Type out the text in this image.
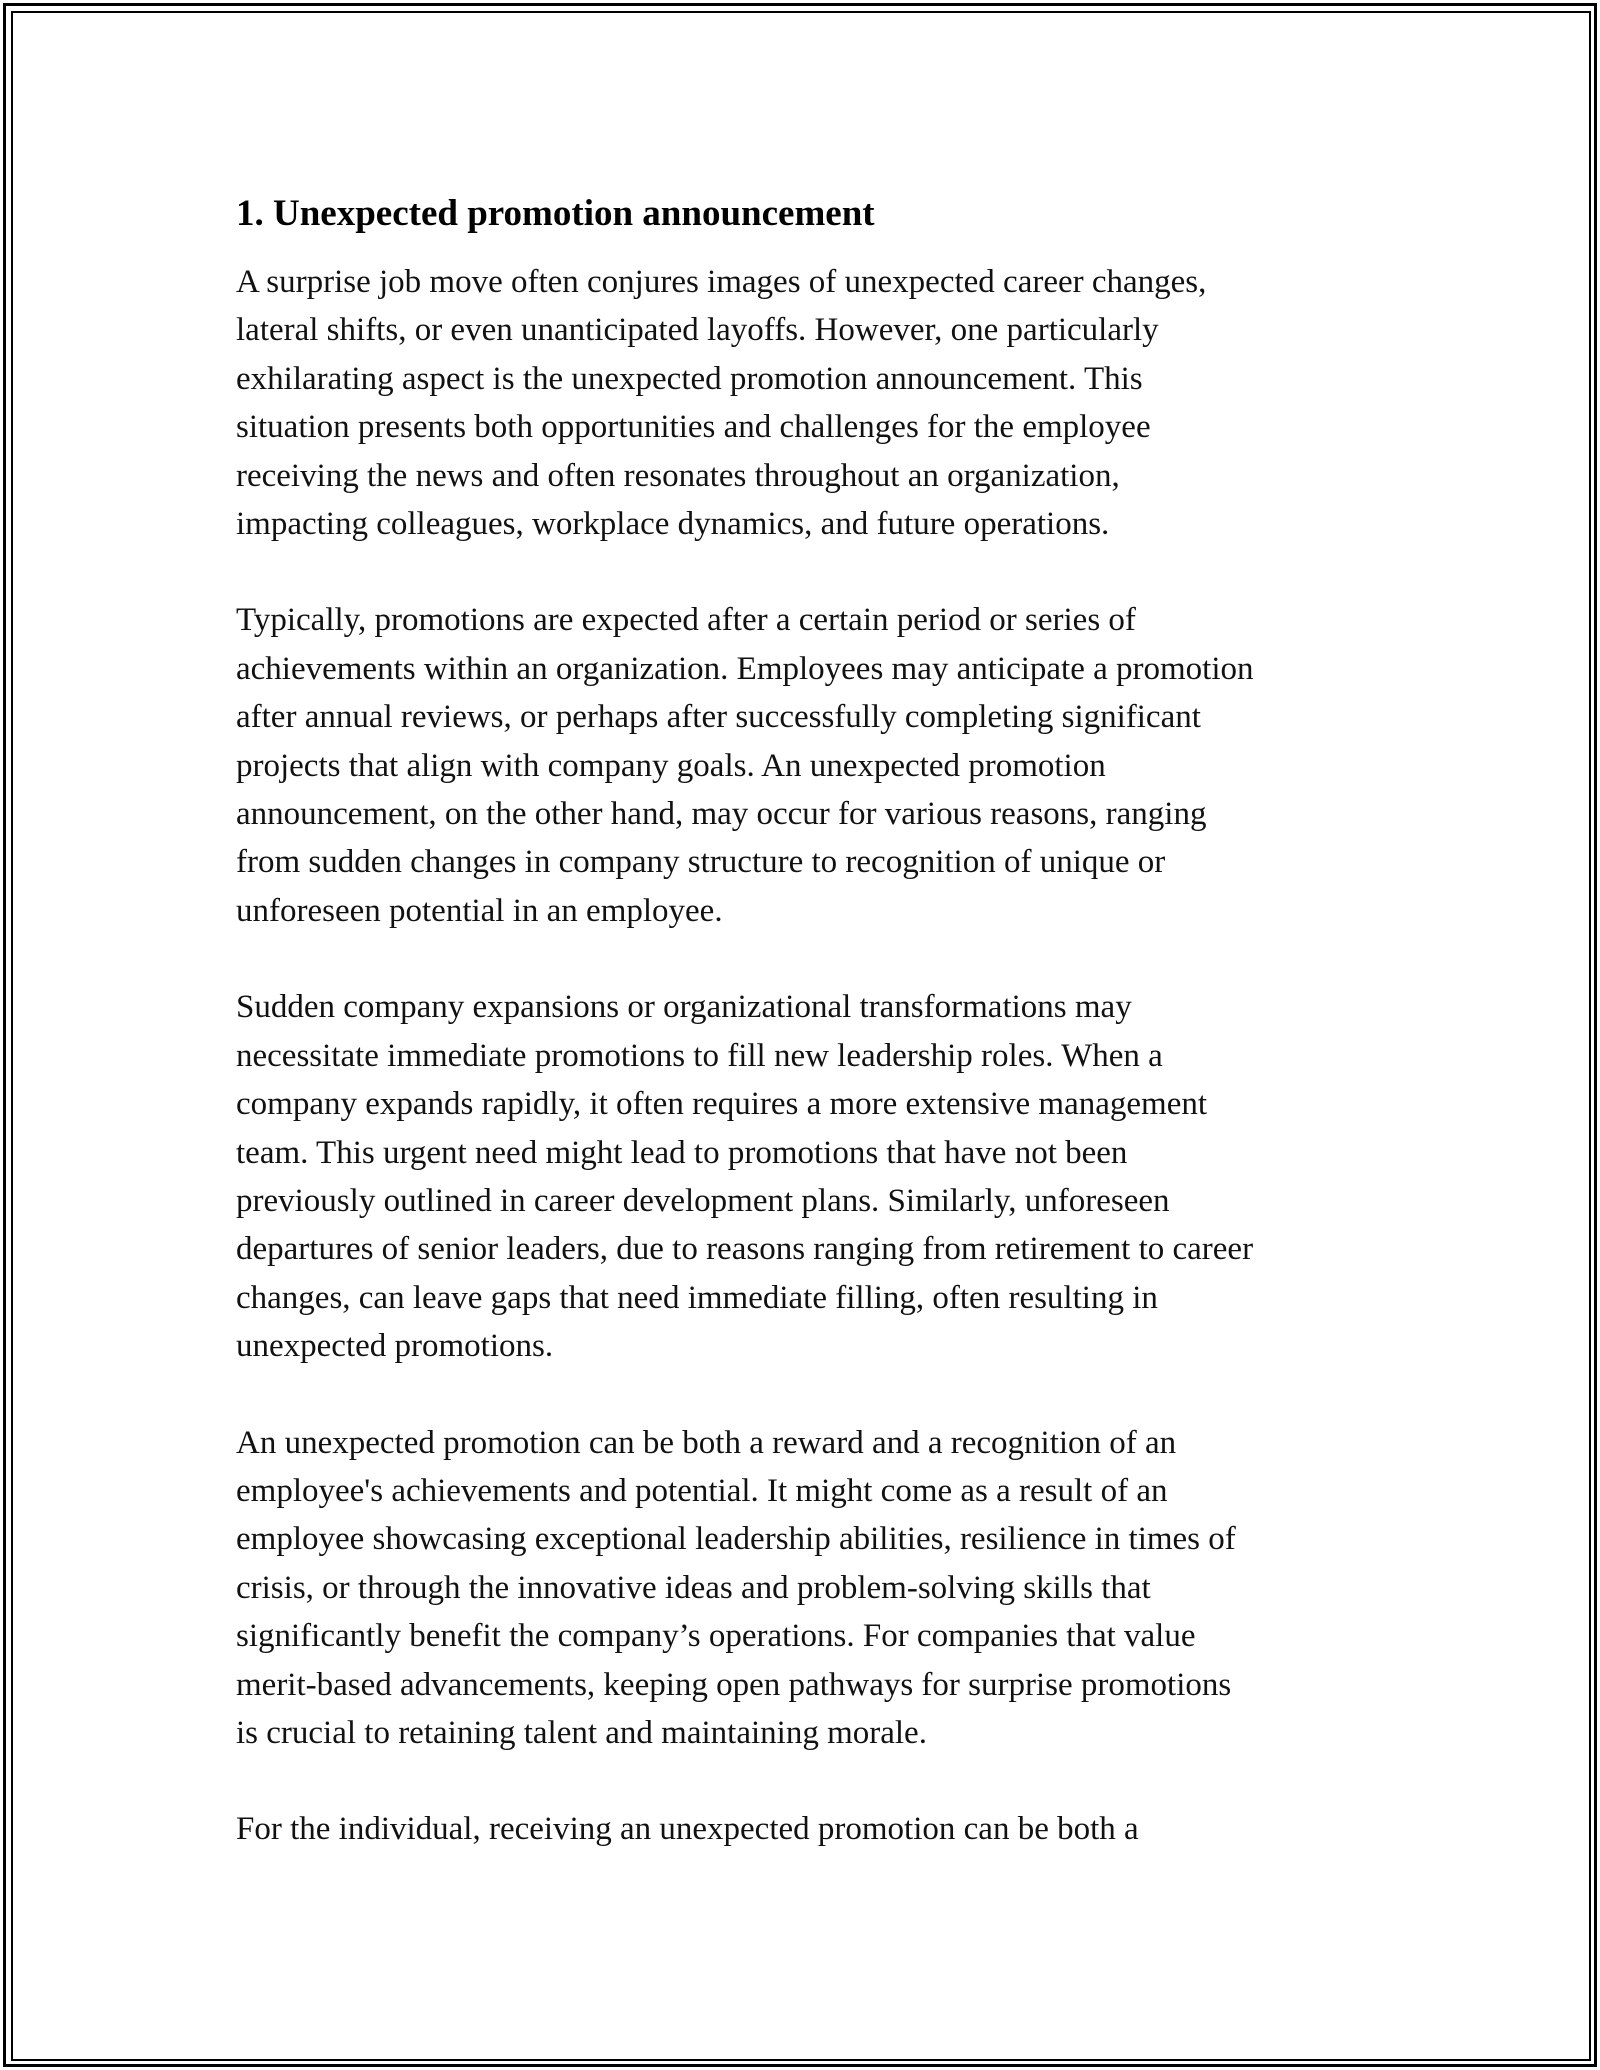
1. Unexpected promotion announcement

A surprise job move often conjures images of unexpected career changes,
lateral shifts, or even unanticipated layoffs. However, one particularly
exhilarating aspect is the unexpected promotion announcement. This
situation presents both opportunities and challenges for the employee
receiving the news and often resonates throughout an organization,
impacting colleagues, workplace dynamics, and future operations.

Typically, promotions are expected after a certain period or series of
achievements within an organization. Employees may anticipate a promotion
after annual reviews, or perhaps after successfully completing significant
projects that align with company goals. An unexpected promotion
announcement, on the other hand, may occur for various reasons, ranging
from sudden changes in company structure to recognition of unique or
unforeseen potential in an employee.

Sudden company expansions or organizational transformations may
necessitate immediate promotions to fill new leadership roles. When a
company expands rapidly, it often requires a more extensive management
team. This urgent need might lead to promotions that have not been
previously outlined in career development plans. Similarly, unforeseen
departures of senior leaders, due to reasons ranging from retirement to career
changes, can leave gaps that need immediate filling, often resulting in
unexpected promotions.

An unexpected promotion can be both a reward and a recognition of an
employee's achievements and potential. It might come as a result of an
employee showcasing exceptional leadership abilities, resilience in times of
crisis, or through the innovative ideas and problem-solving skills that
significantly benefit the company’s operations. For companies that value
merit-based advancements, keeping open pathways for surprise promotions
is crucial to retaining talent and maintaining morale.

For the individual, receiving an unexpected promotion can be both a
